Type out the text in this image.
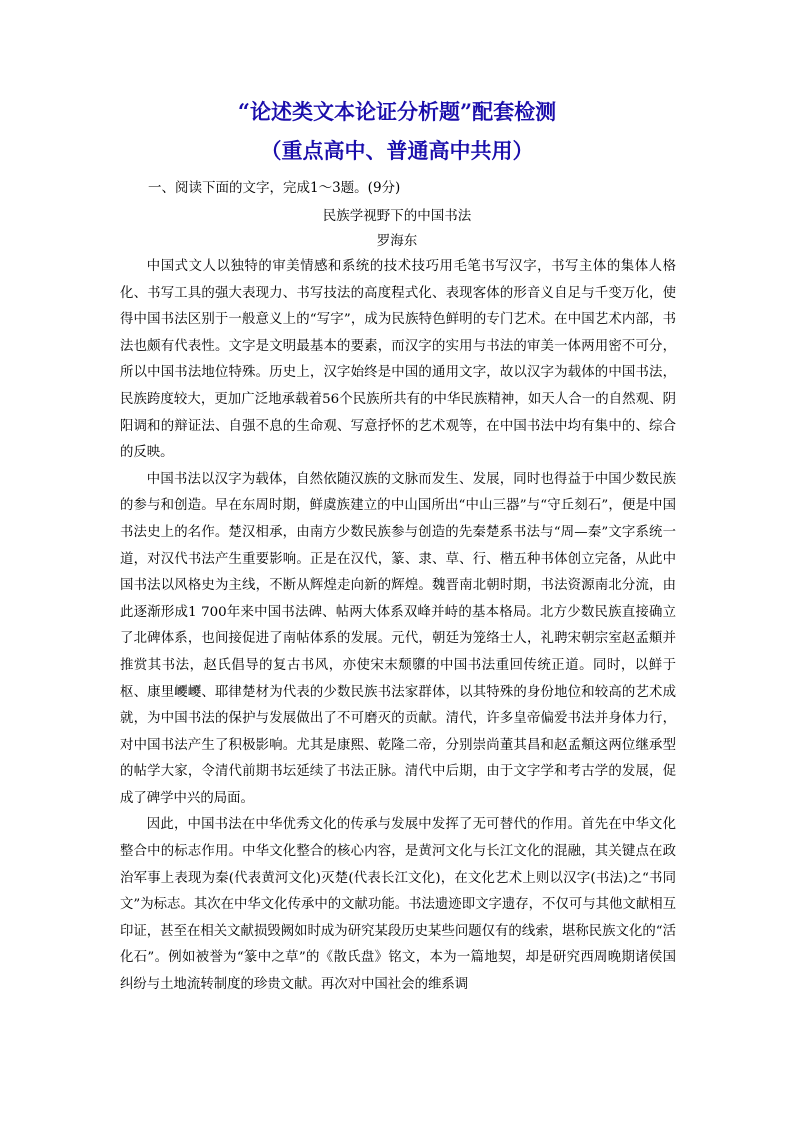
“论述类文本论证分析题”配套检测
（重点高中、普通高中共用）
一、阅读下面的文字，完成1～3题。(9分)
民族学视野下的中国书法
罗海东

中国式文人以独特的审美情感和系统的技术技巧用毛笔书写汉字，书写主体的集体人格化、书写工具的强大表现力、书写技法的高度程式化、表现客体的形音义自足与千变万化，使得中国书法区别于一般意义上的“写字”，成为民族特色鲜明的专门艺术。在中国艺术内部，书法也颇有代表性。文字是文明最基本的要素，而汉字的实用与书法的审美一体两用密不可分，所以中国书法地位特殊。历史上，汉字始终是中国的通用文字，故以汉字为载体的中国书法，民族跨度较大，更加广泛地承载着56个民族所共有的中华民族精神，如天人合一的自然观、阴阳调和的辩证法、自强不息的生命观、写意抒怀的艺术观等，在中国书法中均有集中的、综合的反映。

中国书法以汉字为载体，自然依随汉族的文脉而发生、发展，同时也得益于中国少数民族的参与和创造。早在东周时期，鲜虞族建立的中山国所出“中山三器”与“守丘刻石”，便是中国书法史上的名作。楚汉相承，由南方少数民族参与创造的先秦楚系书法与“周—秦”文字系统一道，对汉代书法产生重要影响。正是在汉代，篆、隶、草、行、楷五种书体创立完备，从此中国书法以风格史为主线，不断从辉煌走向新的辉煌。魏晋南北朝时期，书法资源南北分流，由此逐渐形成1 700年来中国书法碑、帖两大体系双峰并峙的基本格局。北方少数民族直接确立了北碑体系，也间接促进了南帖体系的发展。元代，朝廷为笼络士人，礼聘宋朝宗室赵孟頫并推赏其书法，赵氏倡导的复古书风，亦使宋末颓隳的中国书法重回传统正道。同时，以鲜于枢、康里巎巎、耶律楚材为代表的少数民族书法家群体，以其特殊的身份地位和较高的艺术成就，为中国书法的保护与发展做出了不可磨灭的贡献。清代，许多皇帝偏爱书法并身体力行，对中国书法产生了积极影响。尤其是康熙、乾隆二帝，分别崇尚董其昌和赵孟頫这两位继承型的帖学大家，令清代前期书坛延续了书法正脉。清代中后期，由于文字学和考古学的发展，促成了碑学中兴的局面。

因此，中国书法在中华优秀文化的传承与发展中发挥了无可替代的作用。首先在中华文化整合中的标志作用。中华文化整合的核心内容，是黄河文化与长江文化的混融，其关键点在政治军事上表现为秦(代表黄河文化)灭楚(代表长江文化)，在文化艺术上则以汉字(书法)之“书同文”为标志。其次在中华文化传承中的文献功能。书法遗迹即文字遗存，不仅可与其他文献相互印证，甚至在相关文献损毁阙如时成为研究某段历史某些问题仅有的线索，堪称民族文化的“活化石”。例如被誉为“篆中之草”的《散氏盘》铭文，本为一篇地契，却是研究西周晚期诸侯国纠纷与土地流转制度的珍贵文献。再次对中国社会的维系调
